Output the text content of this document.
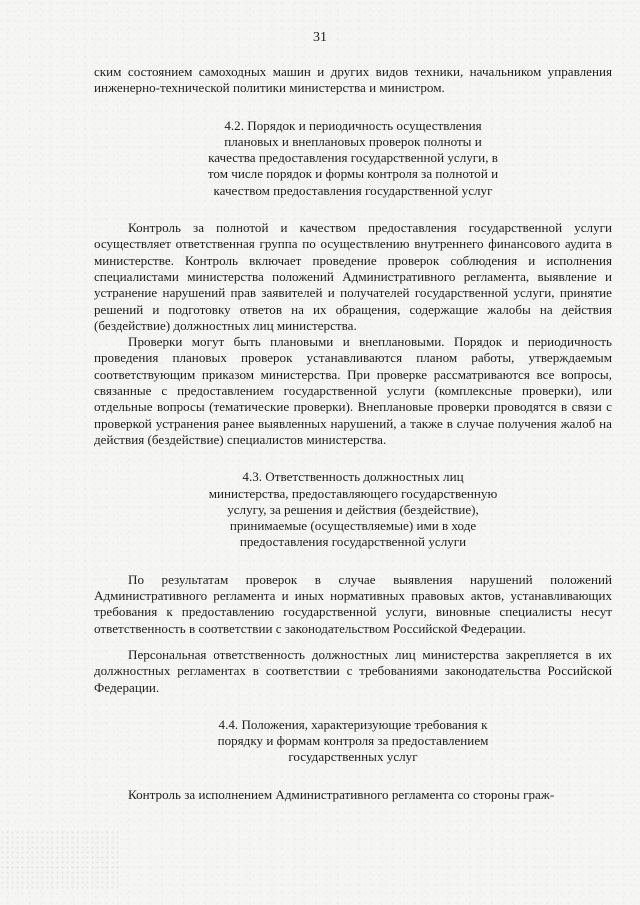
31

ским состоянием самоходных машин и других видов техники, начальником управления инженерно-технической политики министерства и министром.

4.2. Порядок и периодичность осуществления плановых и внеплановых проверок полноты и качества предоставления государственной услуги, в том числе порядок и формы контроля за полнотой и качеством предоставления государственной услуг

Контроль за полнотой и качеством предоставления государственной услуги осуществляет ответственная группа по осуществлению внутреннего финансового аудита в министерстве. Контроль включает проведение проверок соблюдения и исполнения специалистами министерства положений Административного регламента, выявление и устранение нарушений прав заявителей и получателей государственной услуги, принятие решений и подготовку ответов на их обращения, содержащие жалобы на действия (бездействие) должностных лиц министерства.

Проверки могут быть плановыми и внеплановыми. Порядок и периодичность проведения плановых проверок устанавливаются планом работы, утверждаемым соответствующим приказом министерства. При проверке рассматриваются все вопросы, связанные с предоставлением государственной услуги (комплексные проверки), или отдельные вопросы (тематические проверки). Внеплановые проверки проводятся в связи с проверкой устранения ранее выявленных нарушений, а также в случае получения жалоб на действия (бездействие) специалистов министерства.

4.3. Ответственность должностных лиц министерства, предоставляющего государственную услугу, за решения и действия (бездействие), принимаемые (осуществляемые) ими в ходе предоставления государственной услуги

По результатам проверок в случае выявления нарушений положений Административного регламента и иных нормативных правовых актов, устанавливающих требования к предоставлению государственной услуги, виновные специалисты несут ответственность в соответствии с законодательством Российской Федерации.

Персональная ответственность должностных лиц министерства закрепляется в их должностных регламентах в соответствии с требованиями законодательства Российской Федерации.

4.4. Положения, характеризующие требования к порядку и формам контроля за предоставлением государственных услуг

Контроль за исполнением Административного регламента со стороны граж-
